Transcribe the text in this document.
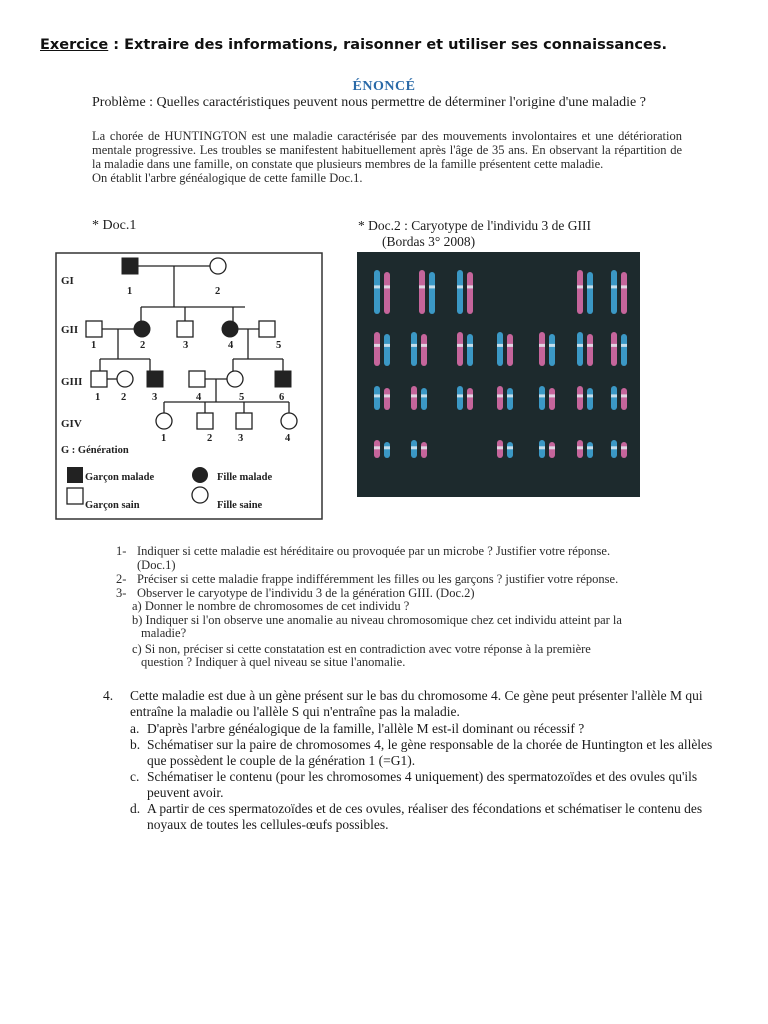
Exercice : Extraire des informations, raisonner et utiliser ses connaissances.
ÉNONCÉ
Problème : Quelles caractéristiques peuvent nous permettre de déterminer l'origine d'une maladie ?
La chorée de HUNTINGTON est une maladie caractérisée par des mouvements involontaires et une détérioration mentale progressive. Les troubles se manifestent habituellement après l'âge de 35 ans. En observant la répartition de la maladie dans une famille, on constate que plusieurs membres de la famille présentent cette maladie.
On établit l'arbre généalogique de cette famille Doc.1.
* Doc.1	* Doc.2 : Caryotype de l'individu 3 de GIII
(Bordas 3° 2008)
GI
GII
GIII
GIV
1	2
1	2	3	4	5
1 2 3	4	5	6
1	2 3	4
G : Génération
Garçon malade	Fille malade
Garçon sain	Fille saine
1- Indiquer si cette maladie est héréditaire ou provoquée par un microbe ? Justifier votre réponse.
(Doc.1)
2- Préciser si cette maladie frappe indifféremment les filles ou les garçons ? justifier votre réponse.
3- Observer le caryotype de l'individu 3 de la génération GIII. (Doc.2)
a) Donner le nombre de chromosomes de cet individu ?
b) Indiquer si l'on observe une anomalie au niveau chromosomique chez cet individu atteint par la
maladie?
c) Si non, préciser si cette constatation est en contradiction avec votre réponse à la première
question ? Indiquer à quel niveau se situe l'anomalie.
4. Cette maladie est due à un gène présent sur le bas du chromosome 4. Ce gène peut présenter l'allèle M qui entraîne la maladie ou l'allèle S qui n'entraîne pas la maladie.
a. D'après l'arbre généalogique de la famille, l'allèle M est-il dominant ou récessif ?
b. Schématiser sur la paire de chromosomes 4, le gène responsable de la chorée de Huntington et les allèles que possèdent le couple de la génération 1 (=G1).
c. Schématiser le contenu (pour les chromosomes 4 uniquement) des spermatozoïdes et des ovules qu'ils peuvent avoir.
d. A partir de ces spermatozoïdes et de ces ovules, réaliser des fécondations et schématiser le contenu des noyaux de toutes les cellules-œufs possibles.
